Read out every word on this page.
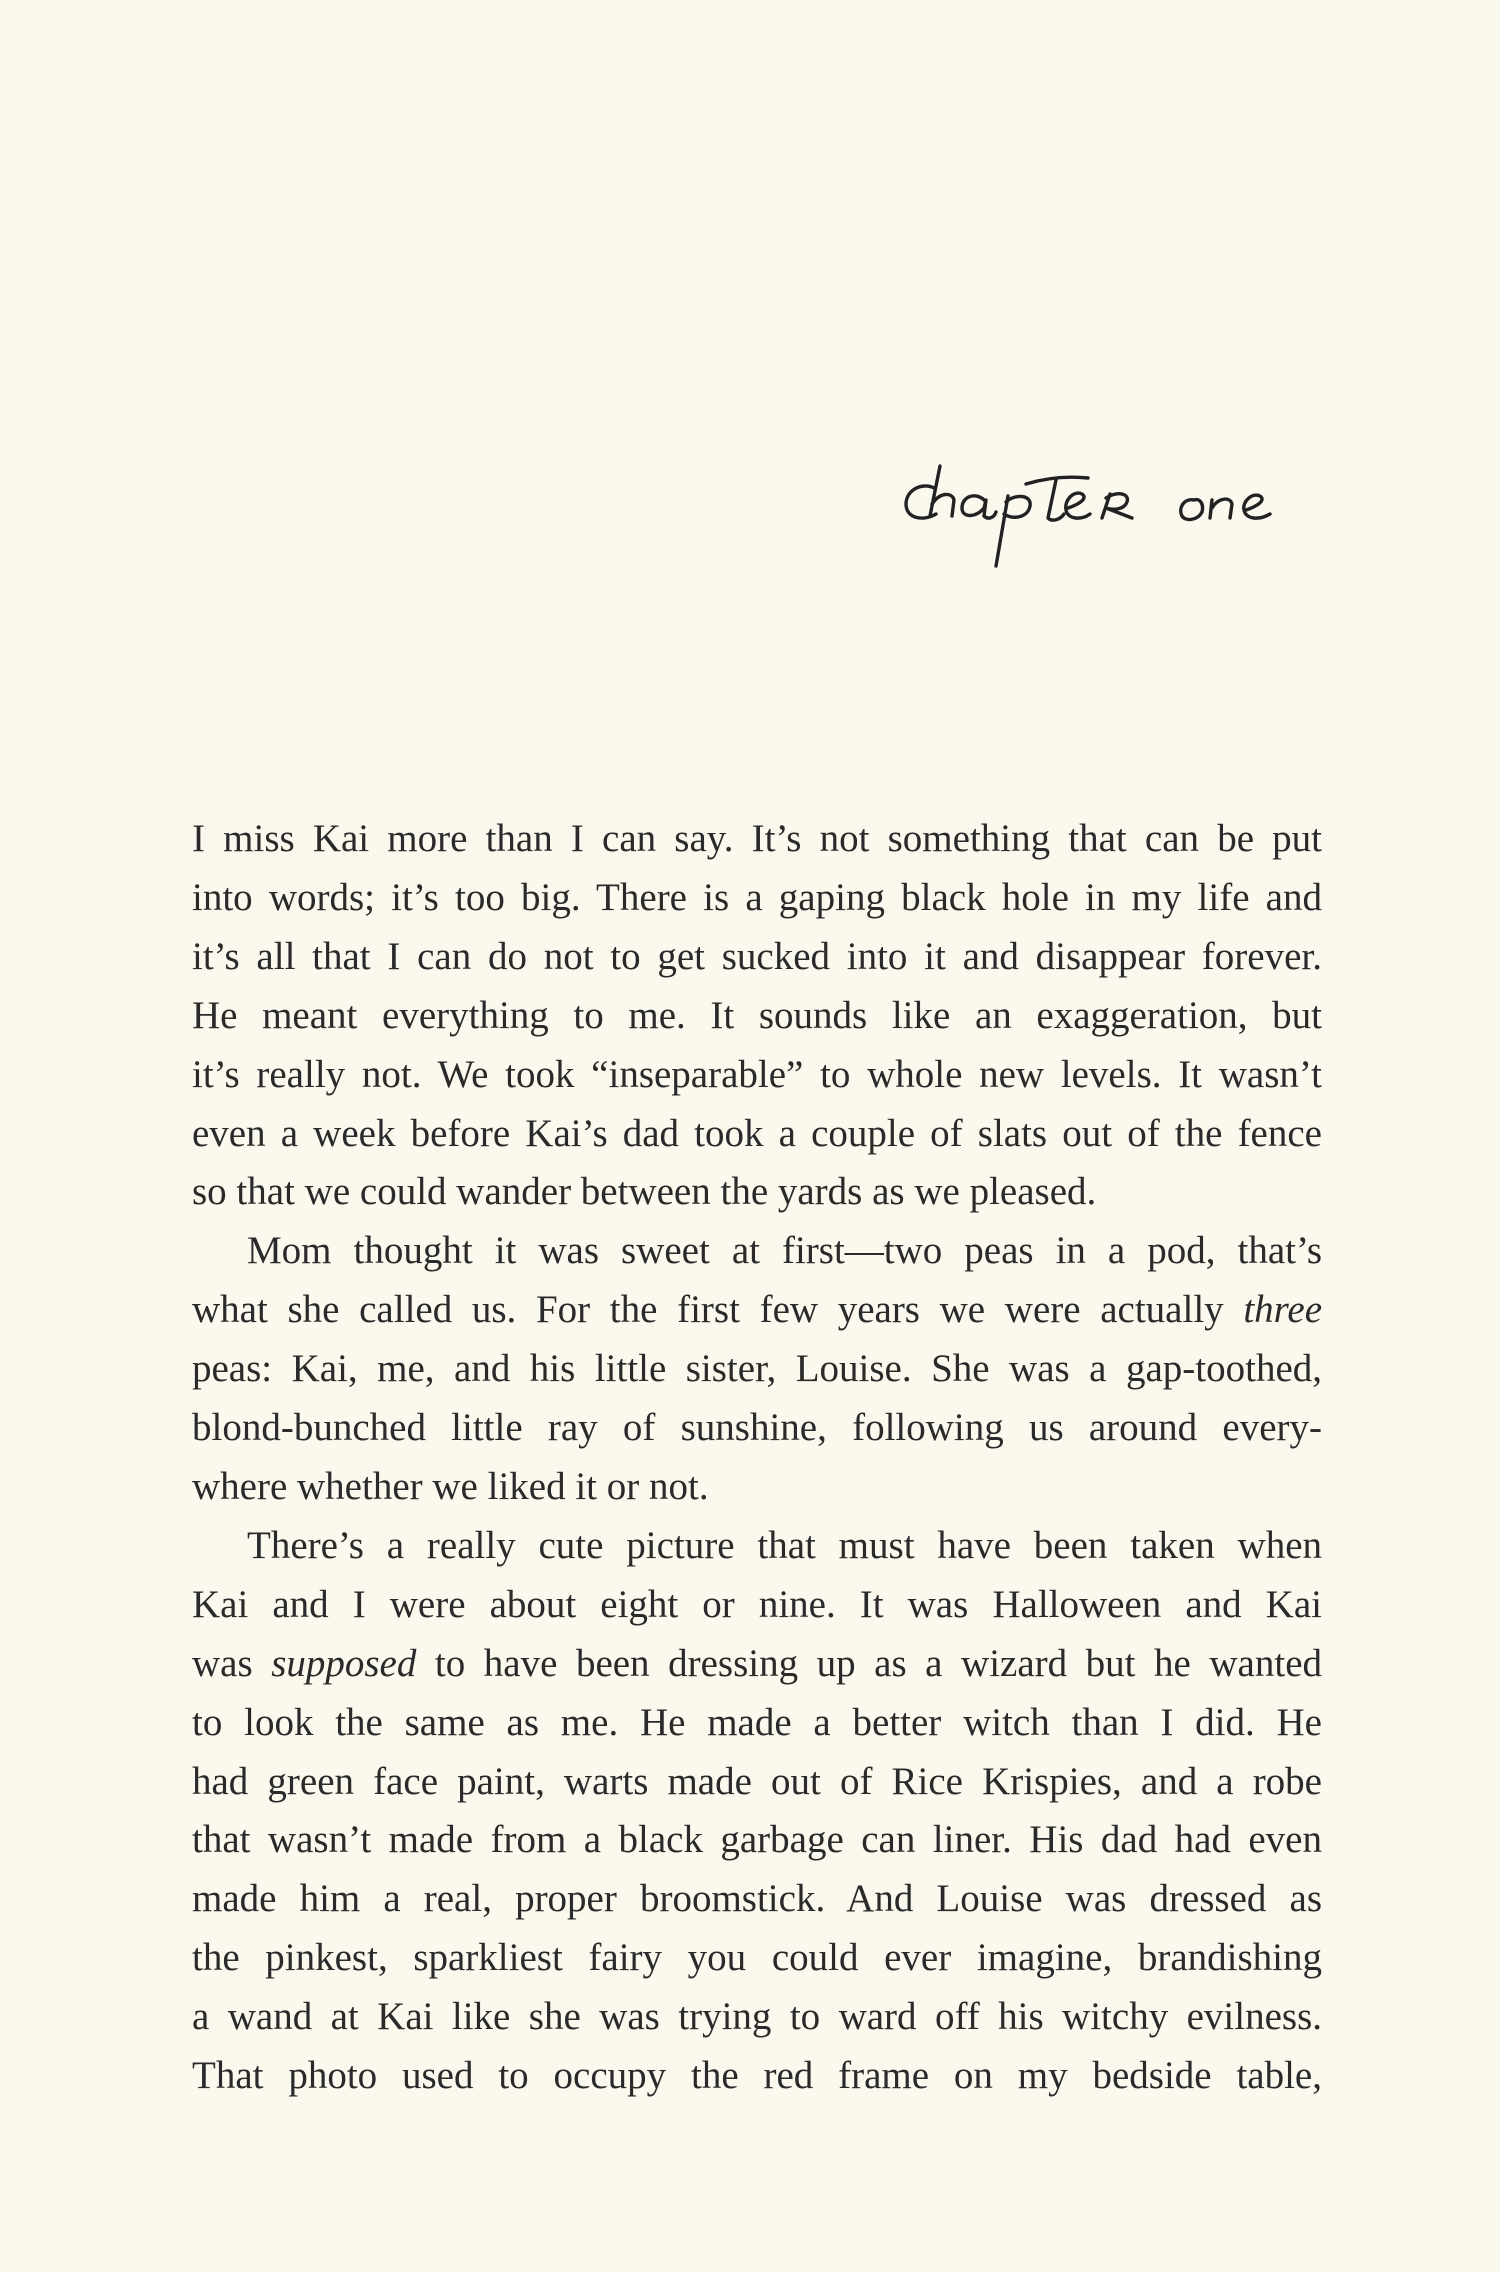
I miss Kai more than I can say. It’s not something that can be put
into words; it’s too big. There is a gaping black hole in my life and
it’s all that I can do not to get sucked into it and disappear forever.
He meant everything to me. It sounds like an exaggeration, but
it’s really not. We took “inseparable” to whole new levels. It wasn’t
even a week before Kai’s dad took a couple of slats out of the fence
so that we could wander between the yards as we pleased.
Mom thought it was sweet at first—two peas in a pod, that’s
what she called us. For the first few years we were actually three
peas: Kai, me, and his little sister, Louise. She was a gap-toothed,
blond-bunched little ray of sunshine, following us around every-
where whether we liked it or not.
There’s a really cute picture that must have been taken when
Kai and I were about eight or nine. It was Halloween and Kai
was supposed to have been dressing up as a wizard but he wanted
to look the same as me. He made a better witch than I did. He
had green face paint, warts made out of Rice Krispies, and a robe
that wasn’t made from a black garbage can liner. His dad had even
made him a real, proper broomstick. And Louise was dressed as
the pinkest, sparkliest fairy you could ever imagine, brandishing
a wand at Kai like she was trying to ward off his witchy evilness.
That photo used to occupy the red frame on my bedside table,
